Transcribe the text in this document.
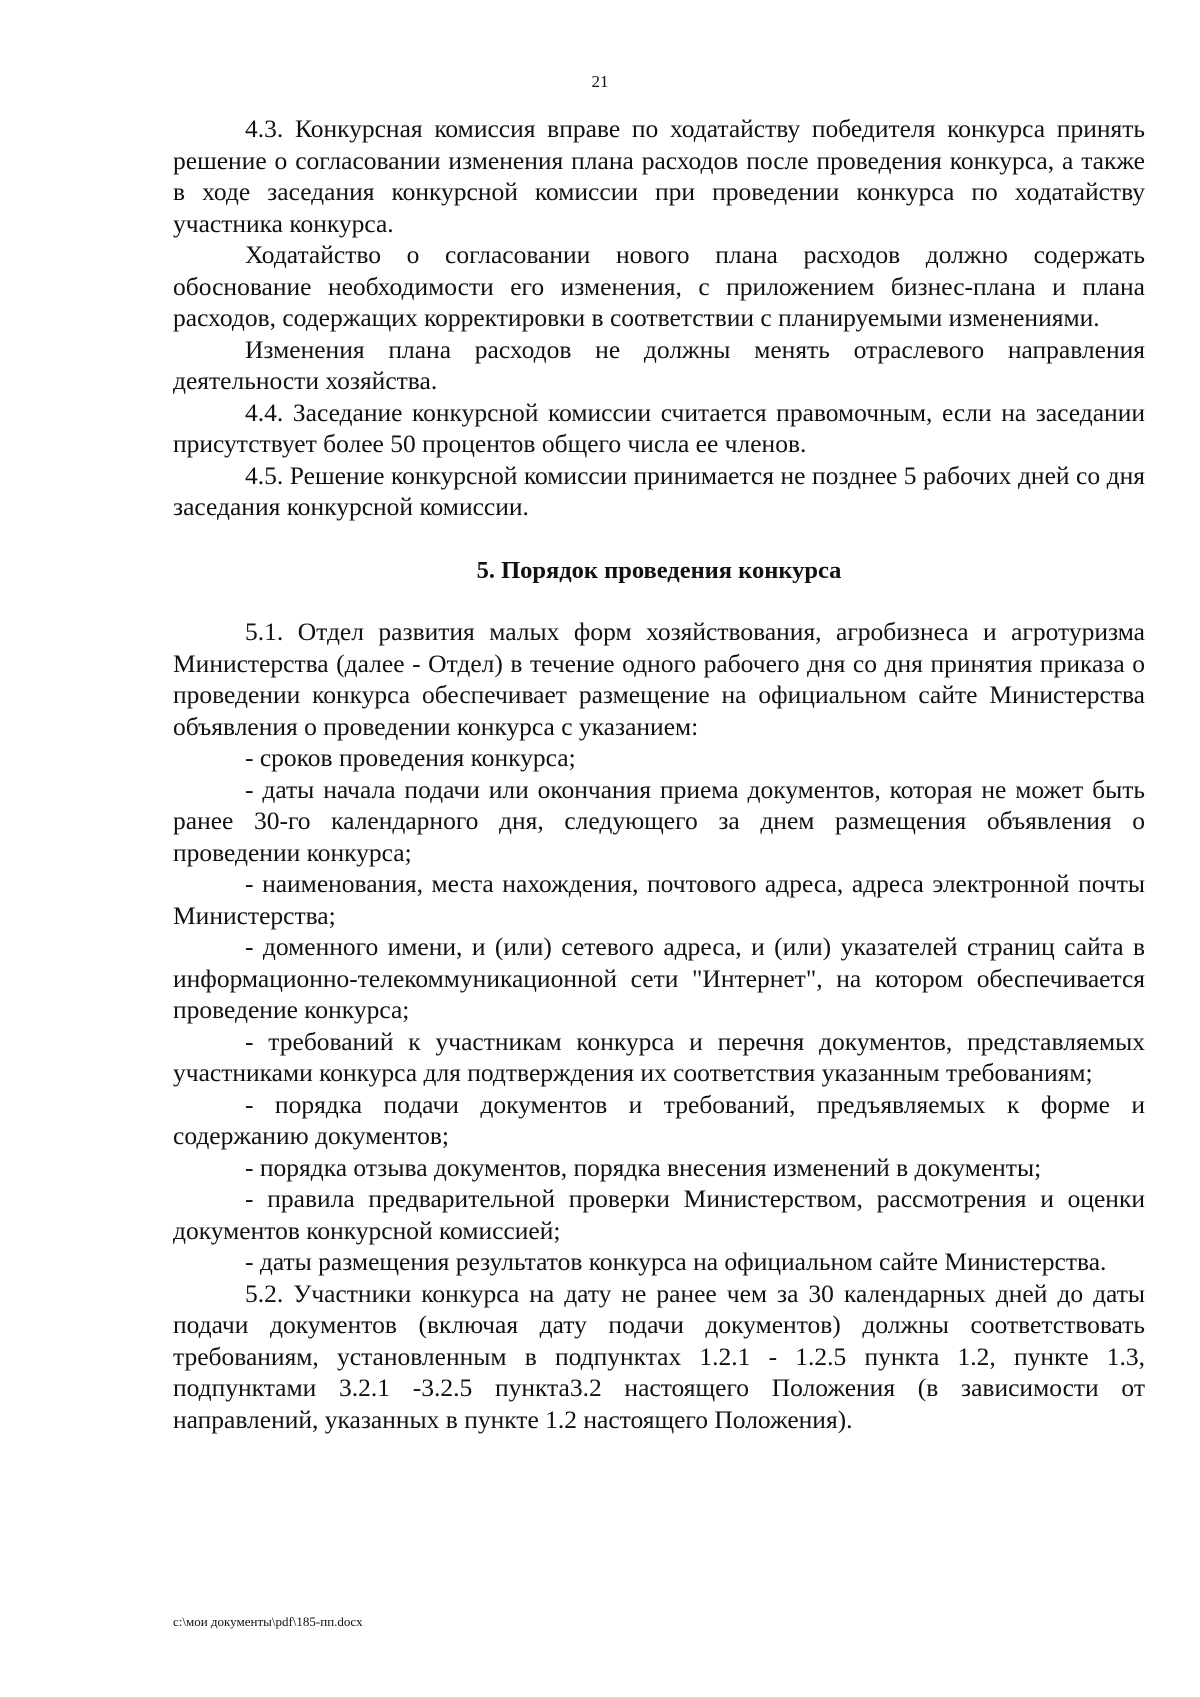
21

4.3. Конкурсная комиссия вправе по ходатайству победителя конкурса принять решение о согласовании изменения плана расходов после проведения конкурса, а также в ходе заседания конкурсной комиссии при проведении конкурса по ходатайству участника конкурса.

Ходатайство о согласовании нового плана расходов должно содержать обоснование необходимости его изменения, с приложением бизнес-плана и плана расходов, содержащих корректировки в соответствии с планируемыми изменениями.

Изменения плана расходов не должны менять отраслевого направления деятельности хозяйства.

4.4. Заседание конкурсной комиссии считается правомочным, если на заседании присутствует более 50 процентов общего числа ее членов.

4.5. Решение конкурсной комиссии принимается не позднее 5 рабочих дней со дня заседания конкурсной комиссии.

5. Порядок проведения конкурса

5.1. Отдел развития малых форм хозяйствования, агробизнеса и агротуризма Министерства (далее - Отдел) в течение одного рабочего дня со дня принятия приказа о проведении конкурса обеспечивает размещение на официальном сайте Министерства объявления о проведении конкурса с указанием:

- сроков проведения конкурса;

- даты начала подачи или окончания приема документов, которая не может быть ранее 30-го календарного дня, следующего за днем размещения объявления о проведении конкурса;

- наименования, места нахождения, почтового адреса, адреса электронной почты Министерства;

- доменного имени, и (или) сетевого адреса, и (или) указателей страниц сайта в информационно-телекоммуникационной сети "Интернет", на котором обеспечивается проведение конкурса;

- требований к участникам конкурса и перечня документов, представляемых участниками конкурса для подтверждения их соответствия указанным требованиям;

- порядка подачи документов и требований, предъявляемых к форме и содержанию документов;

- порядка отзыва документов, порядка внесения изменений в документы;

- правила предварительной проверки Министерством, рассмотрения и оценки документов конкурсной комиссией;

- даты размещения результатов конкурса на официальном сайте Министерства.

5.2. Участники конкурса на дату не ранее чем за 30 календарных дней до даты подачи документов (включая дату подачи документов) должны соответствовать требованиям, установленным в подпунктах 1.2.1 - 1.2.5 пункта 1.2, пункте 1.3, подпунктами 3.2.1 -3.2.5 пункта3.2 настоящего Положения (в зависимости от направлений, указанных в пункте 1.2 настоящего Положения).

c:\мои документы\pdf\185-пп.docx
